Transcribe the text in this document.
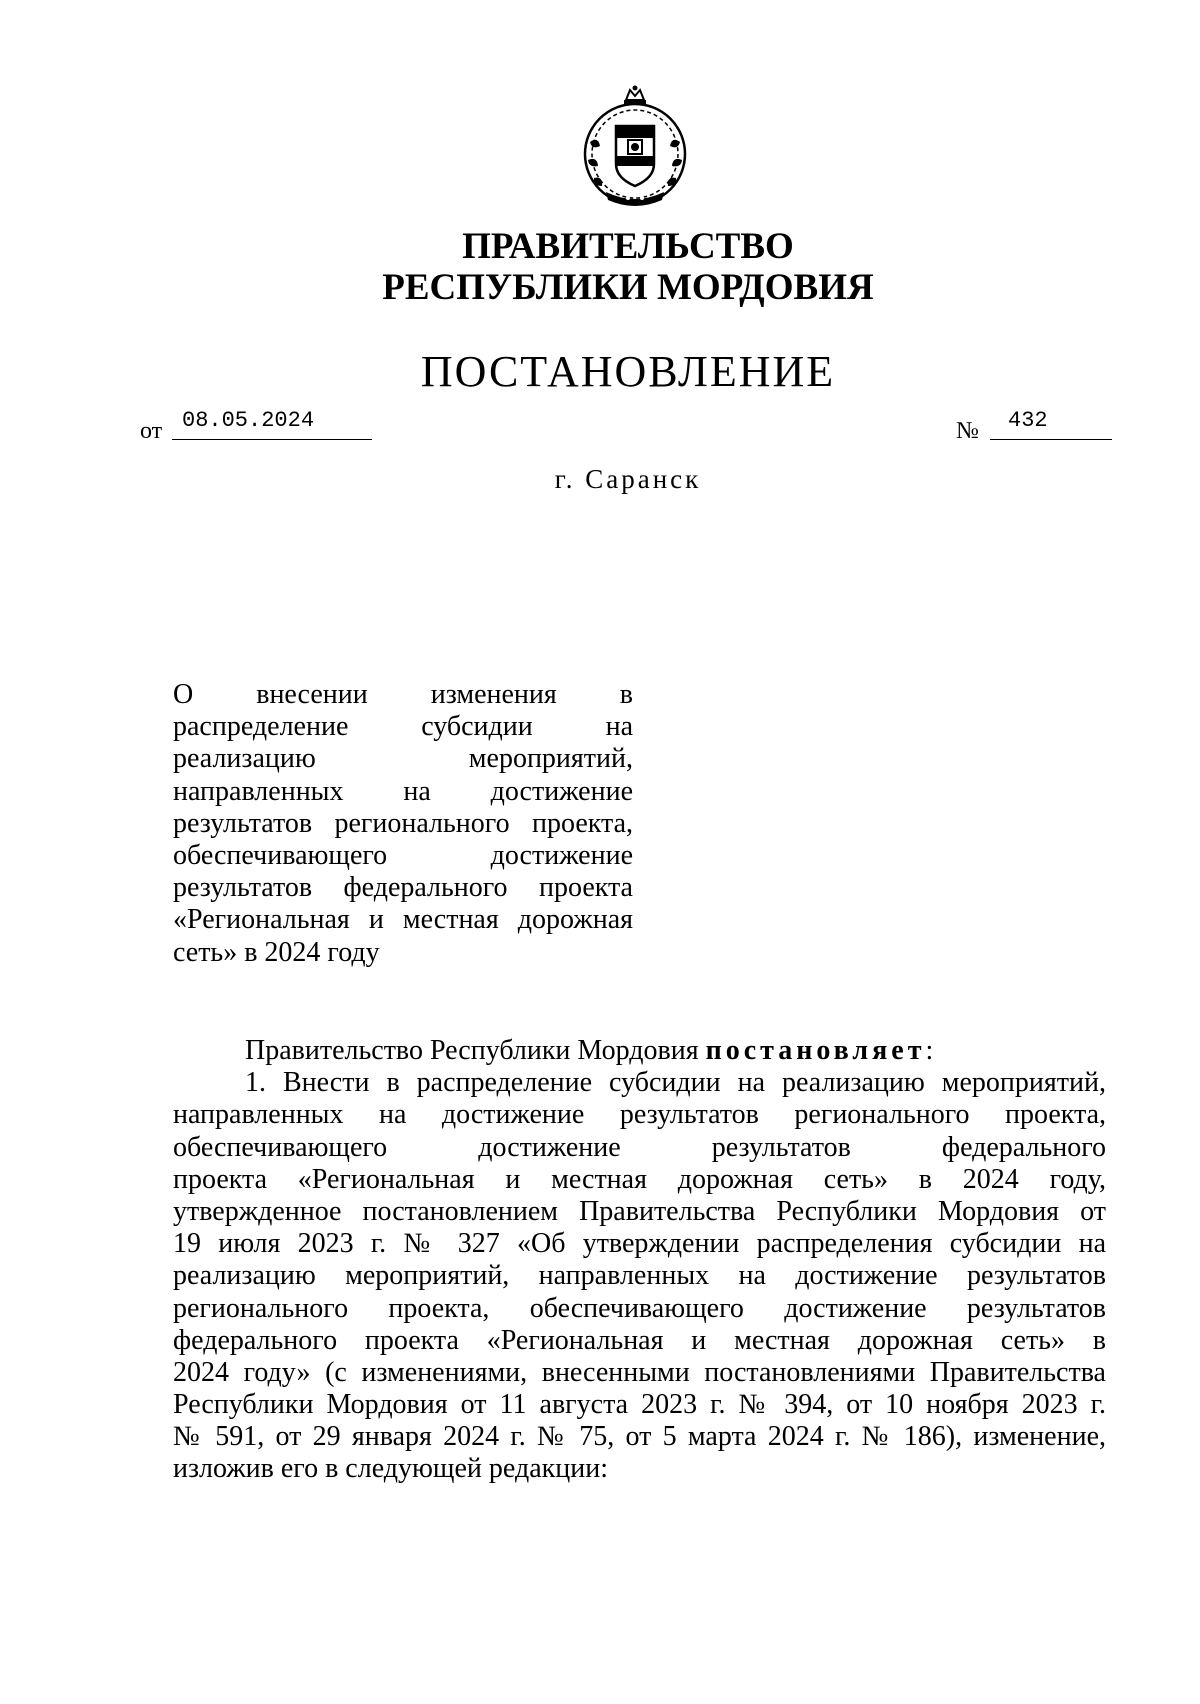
ПРАВИТЕЛЬСТВО
РЕСПУБЛИКИ МОРДОВИЯ
ПОСТАНОВЛЕНИЕ
от 08.05.2024	№	432
г. Саранск
О внесении изменения в
распределение субсидии на
реализацию мероприятий,
направленных на достижение
результатов регионального проекта,
обеспечивающего достижение
результатов федерального проекта
«Региональная и местная дорожная
сеть» в 2024 году
Правительство Республики Мордовия постановляет:
1. Внести в распределение субсидии на реализацию мероприятий,
направленных на достижение результатов регионального проекта,
обеспечивающего достижение результатов федерального
проекта «Региональная и местная дорожная сеть» в 2024 году,
утвержденное постановлением Правительства Республики Мордовия от
19 июля 2023 г. № 327 «Об утверждении распределения субсидии на
реализацию мероприятий, направленных на достижение результатов
регионального проекта, обеспечивающего достижение результатов
федерального проекта «Региональная и местная дорожная сеть» в
2024 году» (с изменениями, внесенными постановлениями Правительства
Республики Мордовия от 11 августа 2023 г. № 394, от 10 ноября 2023 г.
№ 591, от 29 января 2024 г. № 75, от 5 марта 2024 г. № 186), изменение,
изложив его в следующей редакции:
